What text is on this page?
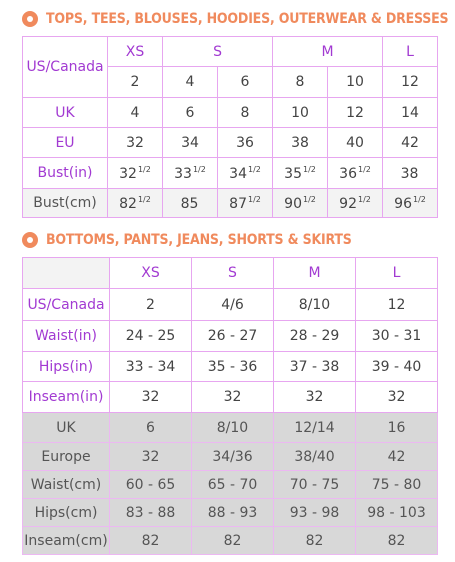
TOPS, TEES, BLOUSES, HOODIES, OUTERWEAR & DRESSES
US/Canada	XS	S		M		L
	2	4	6	8	10	12
UK	4	6	8	10	12	14
EU	32	34	36	38	40	42
Bust(in)	$32^{1/2}$	$33^{1/2}$	$34^{1/2}$	$35^{1/2}$	$36^{1/2}$	38
Bust(cm)	$82^{1/2}$	85	$87^{1/2}$	$90^{1/2}$	$92^{1/2}$	$96^{1/2}$
BOTTOMS, PANTS, JEANS, SHORTS & SKIRTS
	XS	S	M	L
US/Canada	2	4/6	8/10	12
Waist(in)	24 - 25	26 - 27	28 - 29	30 - 31
Hips(in)	33 - 34	35 - 36	37 - 38	39 - 40
Inseam(in)	32	32	32	32
UK	6	8/10	12/14	16
Europe	32	34/36	38/40	42
Waist(cm)	60 - 65	65 - 70	70 - 75	75 - 80
Hips(cm)	83 - 88	88 - 93	93 - 98	98 - 103
Inseam(cm)	82	82	82	82
